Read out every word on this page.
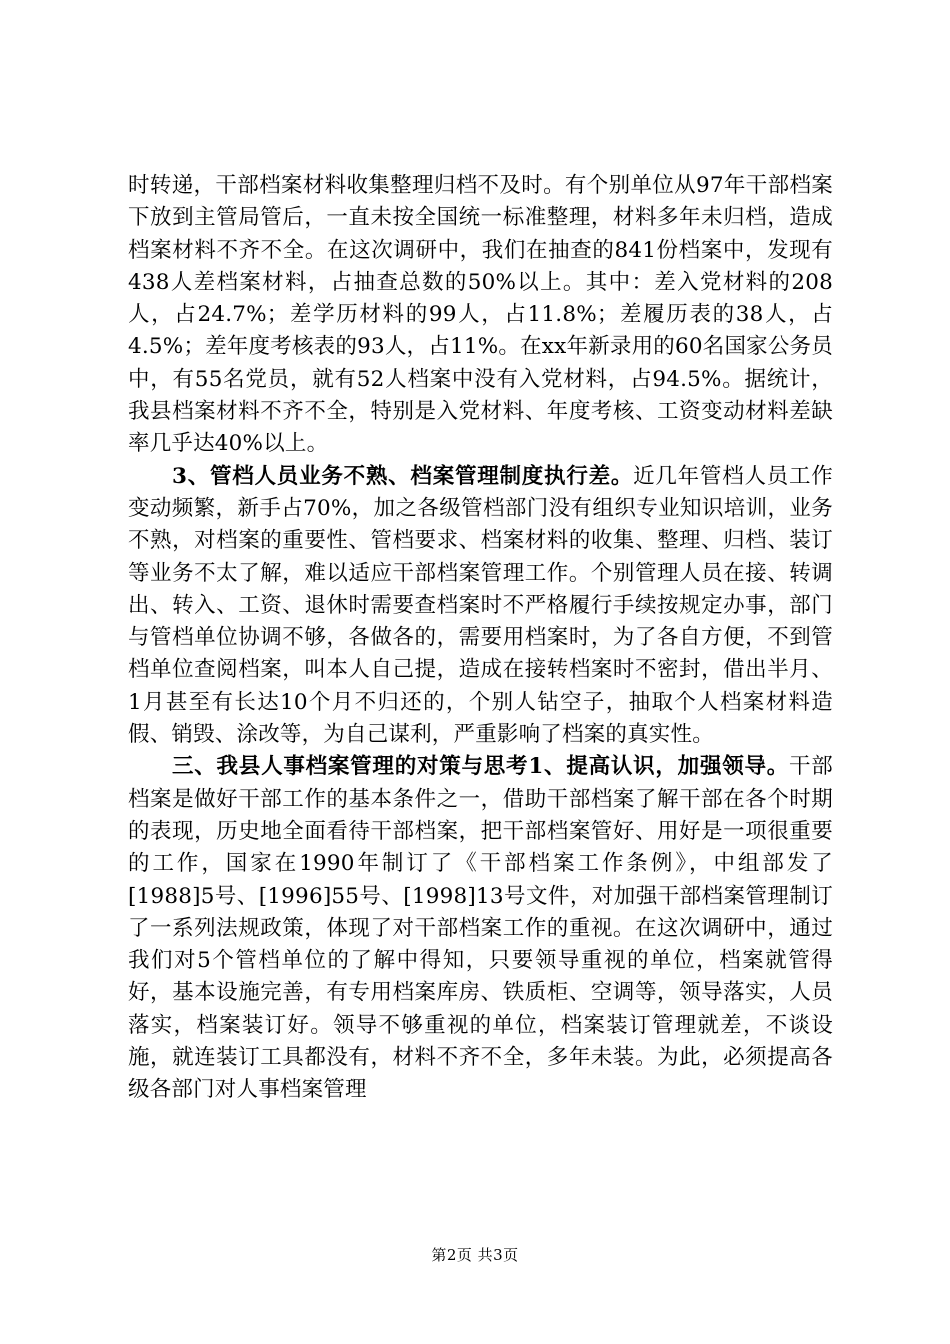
时转递，干部档案材料收集整理归档不及时。有个别单位从97年干部档案下放到主管局管后，一直未按全国统一标准整理，材料多年未归档，造成档案材料不齐不全。在这次调研中，我们在抽查的841份档案中，发现有438人差档案材料，占抽查总数的50%以上。其中：差入党材料的208人，占24.7%；差学历材料的99人，占11.8%；差履历表的38人，占4.5%；差年度考核表的93人，占11%。在xx年新录用的60名国家公务员中，有55名党员，就有52人档案中没有入党材料，占94.5%。据统计，我县档案材料不齐不全，特别是入党材料、年度考核、工资变动材料差缺率几乎达40%以上。

3、管档人员业务不熟、档案管理制度执行差。近几年管档人员工作变动频繁，新手占70%，加之各级管档部门没有组织专业知识培训，业务不熟，对档案的重要性、管档要求、档案材料的收集、整理、归档、装订等业务不太了解，难以适应干部档案管理工作。个别管理人员在接、转调出、转入、工资、退休时需要查档案时不严格履行手续按规定办事，部门与管档单位协调不够，各做各的，需要用档案时，为了各自方便，不到管档单位查阅档案，叫本人自己提，造成在接转档案时不密封，借出半月、1月甚至有长达10个月不归还的，个别人钻空子，抽取个人档案材料造假、销毁、涂改等，为自己谋利，严重影响了档案的真实性。

三、我县人事档案管理的对策与思考1、提高认识，加强领导。干部档案是做好干部工作的基本条件之一，借助干部档案了解干部在各个时期的表现，历史地全面看待干部档案，把干部档案管好、用好是一项很重要的工作，国家在1990年制订了《干部档案工作条例》，中组部发了[1988]5号、[1996]55号、[1998]13号文件，对加强干部档案管理制订了一系列法规政策，体现了对干部档案工作的重视。在这次调研中，通过我们对5个管档单位的了解中得知，只要领导重视的单位，档案就管得好，基本设施完善，有专用档案库房、铁质柜、空调等，领导落实，人员落实，档案装订好。领导不够重视的单位，档案装订管理就差，不谈设施，就连装订工具都没有，材料不齐不全，多年未装。为此，必须提高各级各部门对人事档案管理

第2页 共3页
